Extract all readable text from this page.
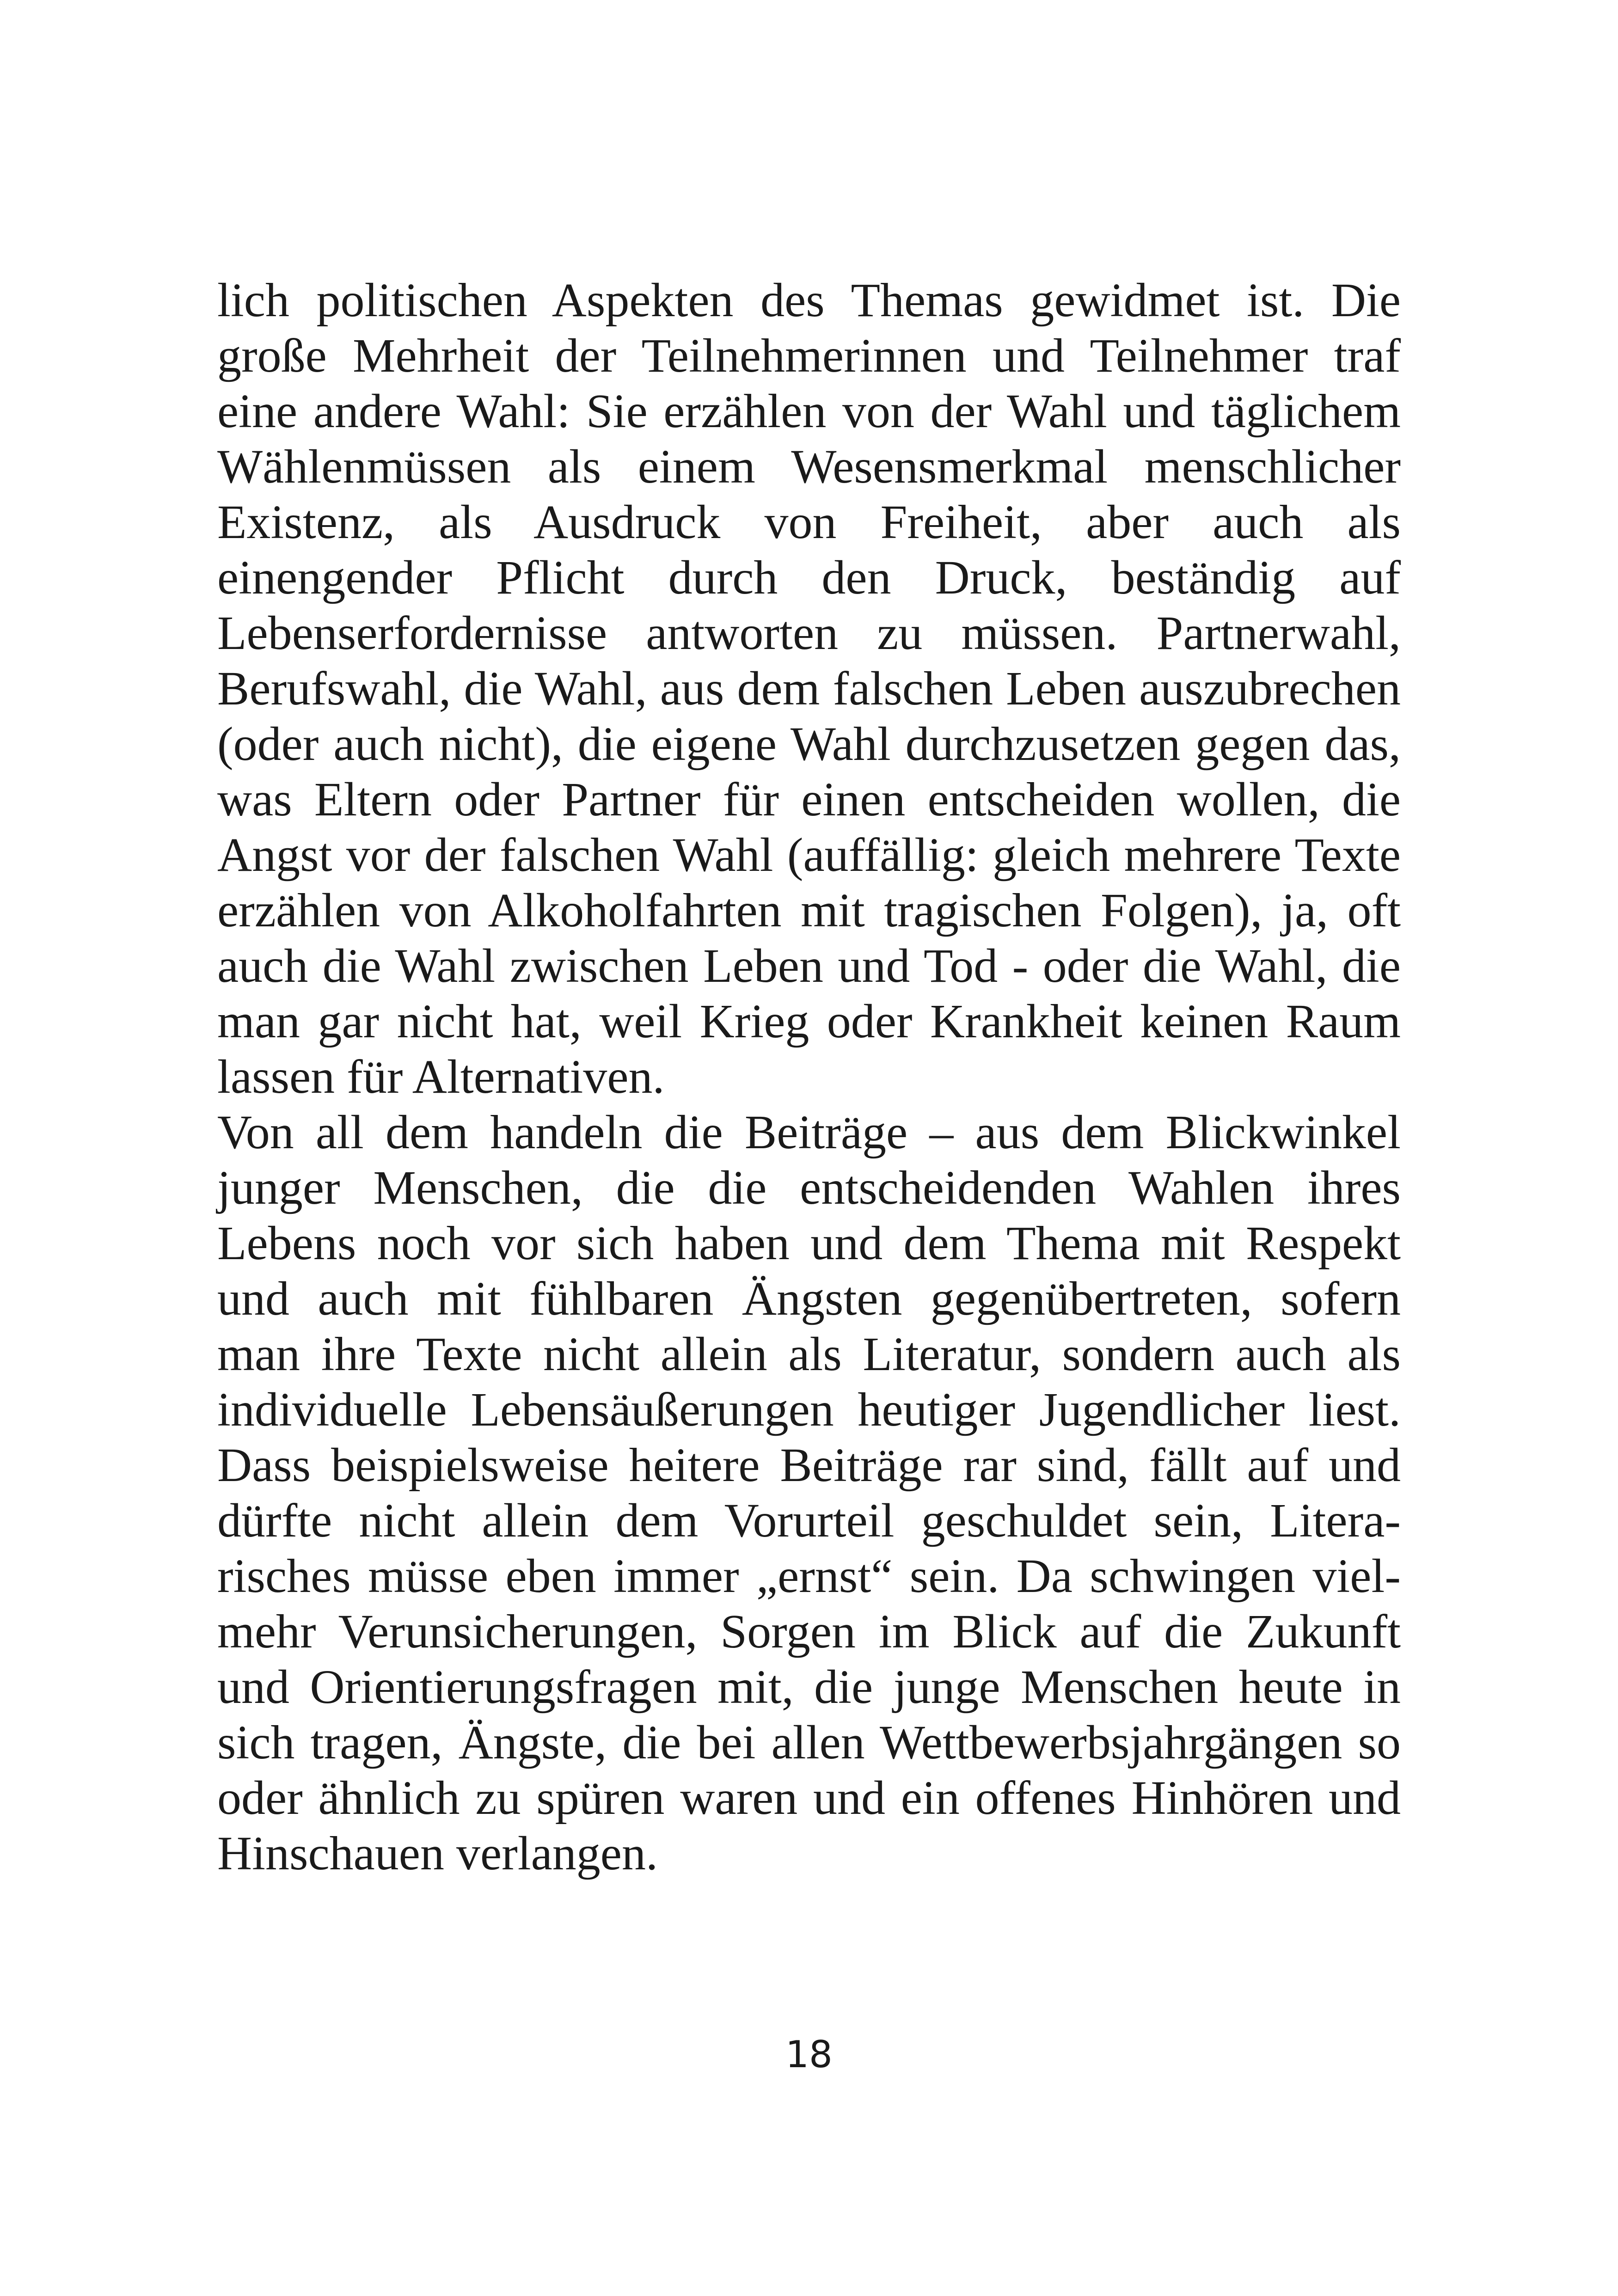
lich politischen Aspekten des Themas gewidmet ist. Die
große Mehrheit der Teilnehmerinnen und Teilnehmer traf
eine andere Wahl: Sie erzählen von der Wahl und täglichem
Wählenmüssen als einem Wesensmerkmal menschlicher
Existenz, als Ausdruck von Freiheit, aber auch als
einengender Pflicht durch den Druck, beständig auf
Lebenserfordernisse antworten zu müssen. Partnerwahl,
Berufswahl, die Wahl, aus dem falschen Leben auszubrechen
(oder auch nicht), die eigene Wahl durchzusetzen gegen das,
was Eltern oder Partner für einen entscheiden wollen, die
Angst vor der falschen Wahl (auffällig: gleich mehrere Texte
erzählen von Alkoholfahrten mit tragischen Folgen), ja, oft
auch die Wahl zwischen Leben und Tod - oder die Wahl, die
man gar nicht hat, weil Krieg oder Krankheit keinen Raum
lassen für Alternativen.
Von all dem handeln die Beiträge – aus dem Blickwinkel
junger Menschen, die die entscheidenden Wahlen ihres
Lebens noch vor sich haben und dem Thema mit Respekt
und auch mit fühlbaren Ängsten gegenübertreten, sofern
man ihre Texte nicht allein als Literatur, sondern auch als
individuelle Lebensäußerungen heutiger Jugendlicher liest.
Dass beispielsweise heitere Beiträge rar sind, fällt auf und
dürfte nicht allein dem Vorurteil geschuldet sein, Litera-
risches müsse eben immer „ernst“ sein. Da schwingen viel-
mehr Verunsicherungen, Sorgen im Blick auf die Zukunft
und Orientierungsfragen mit, die junge Menschen heute in
sich tragen, Ängste, die bei allen Wettbewerbsjahrgängen so
oder ähnlich zu spüren waren und ein offenes Hinhören und
Hinschauen verlangen.
18
